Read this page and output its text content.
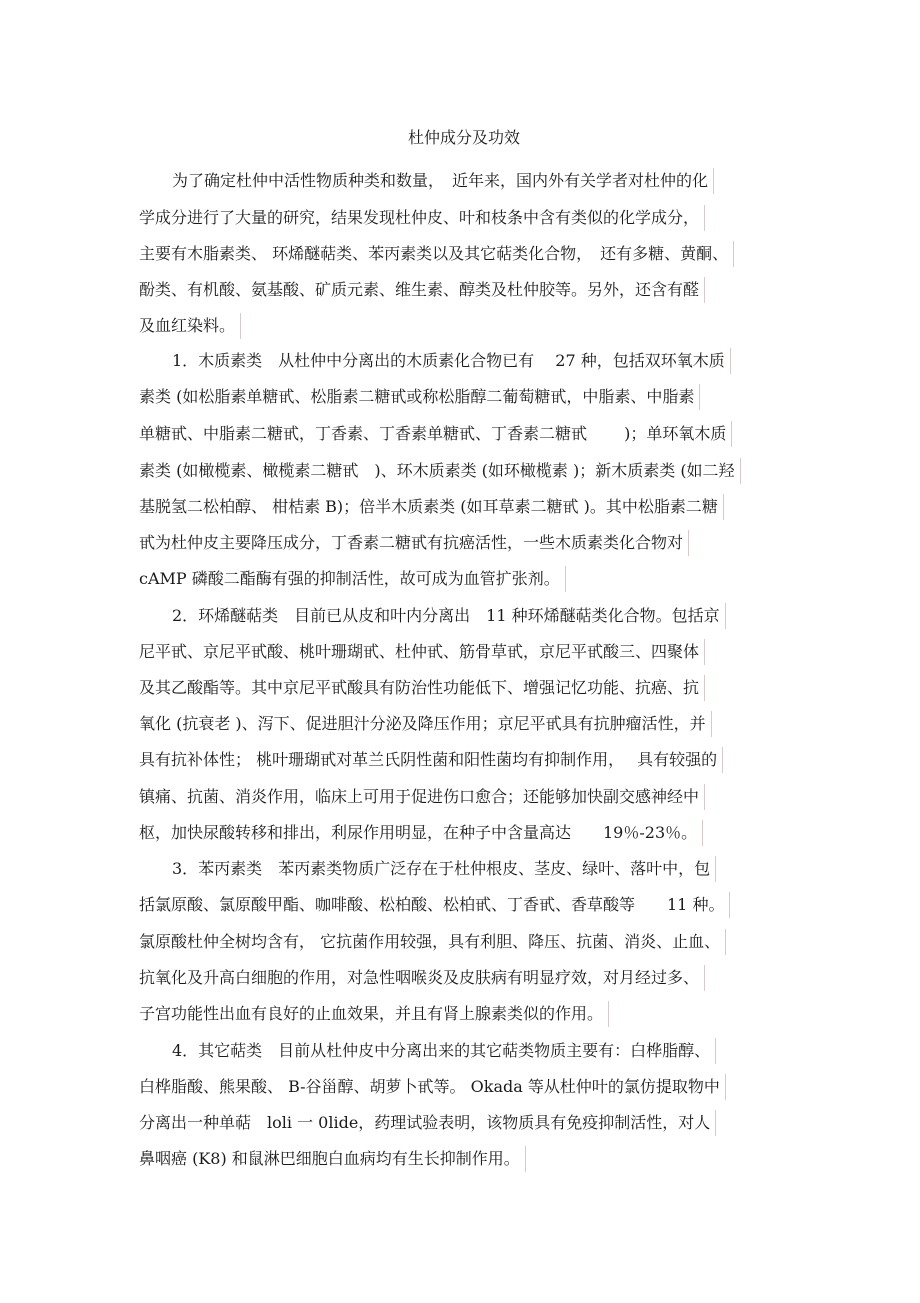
杜仲成分及功效
为了确定杜仲中活性物质种类和数量，　近年来，国内外有关学者对杜仲的化
学成分进行了大量的研究，结果发现杜仲皮、叶和枝条中含有类似的化学成分，
主要有木脂素类、 环烯醚萜类、苯丙素类以及其它萜类化合物，　还有多糖、黄酮、
酚类、有机酸、氨基酸、矿质元素、维生素、醇类及杜仲胶等。另外，还含有醛
及血红染料。
1．木质素类　从杜仲中分离出的木质素化合物已有　 27 种，包括双环氧木质
素类 (如松脂素单糖甙、松脂素二糖甙或称松脂醇二葡萄糖甙，中脂素、中脂素
单糖甙、中脂素二糖甙，丁香素、丁香素单糖甙、丁香素二糖甙　　 )；单环氧木质
素类 (如橄榄素、橄榄素二糖甙　)、环木质素类 (如环橄榄素 )；新木质素类 (如二羟
基脱氢二松柏醇、 柑桔素 B)；倍半木质素类 (如耳草素二糖甙 )。其中松脂素二糖
甙为杜仲皮主要降压成分，丁香素二糖甙有抗癌活性，一些木质素类化合物对
cAMP 磷酸二酯酶有强的抑制活性，故可成为血管扩张剂。
2．环烯醚萜类　目前已从皮和叶内分离出　11 种环烯醚萜类化合物。包括京
尼平甙、京尼平甙酸、桃叶珊瑚甙、杜仲甙、筋骨草甙，京尼平甙酸三、四聚体
及其乙酸酯等。其中京尼平甙酸具有防治性功能低下、增强记忆功能、抗癌、抗
氧化 (抗衰老 )、泻下、促进胆汁分泌及降压作用；京尼平甙具有抗肿瘤活性，并
具有抗补体性； 桃叶珊瑚甙对革兰氏阴性菌和阳性菌均有抑制作用，　 具有较强的
镇痛、抗菌、消炎作用，临床上可用于促进伤口愈合；还能够加快副交感神经中
枢，加快尿酸转移和排出，利尿作用明显，在种子中含量高达　　19％-23％。
3．苯丙素类　苯丙素类物质广泛存在于杜仲根皮、茎皮、绿叶、落叶中，包
括氯原酸、氯原酸甲酯、咖啡酸、松柏酸、松柏甙、丁香甙、香草酸等　　11 种。
氯原酸杜仲全树均含有， 它抗菌作用较强，具有利胆、降压、抗菌、消炎、止血、
抗氧化及升高白细胞的作用，对急性咽喉炎及皮肤病有明显疗效，对月经过多、
子宫功能性出血有良好的止血效果，并且有肾上腺素类似的作用。
4．其它萜类　目前从杜仲皮中分离出来的其它萜类物质主要有：白桦脂醇、
白桦脂酸、熊果酸、 B-谷甾醇、胡萝卜甙等。 Okada 等从杜仲叶的氯仿提取物中
分离出一种单萜　loli 一 0lide，药理试验表明，该物质具有免疫抑制活性，对人
鼻咽癌 (K8) 和鼠淋巴细胞白血病均有生长抑制作用。
